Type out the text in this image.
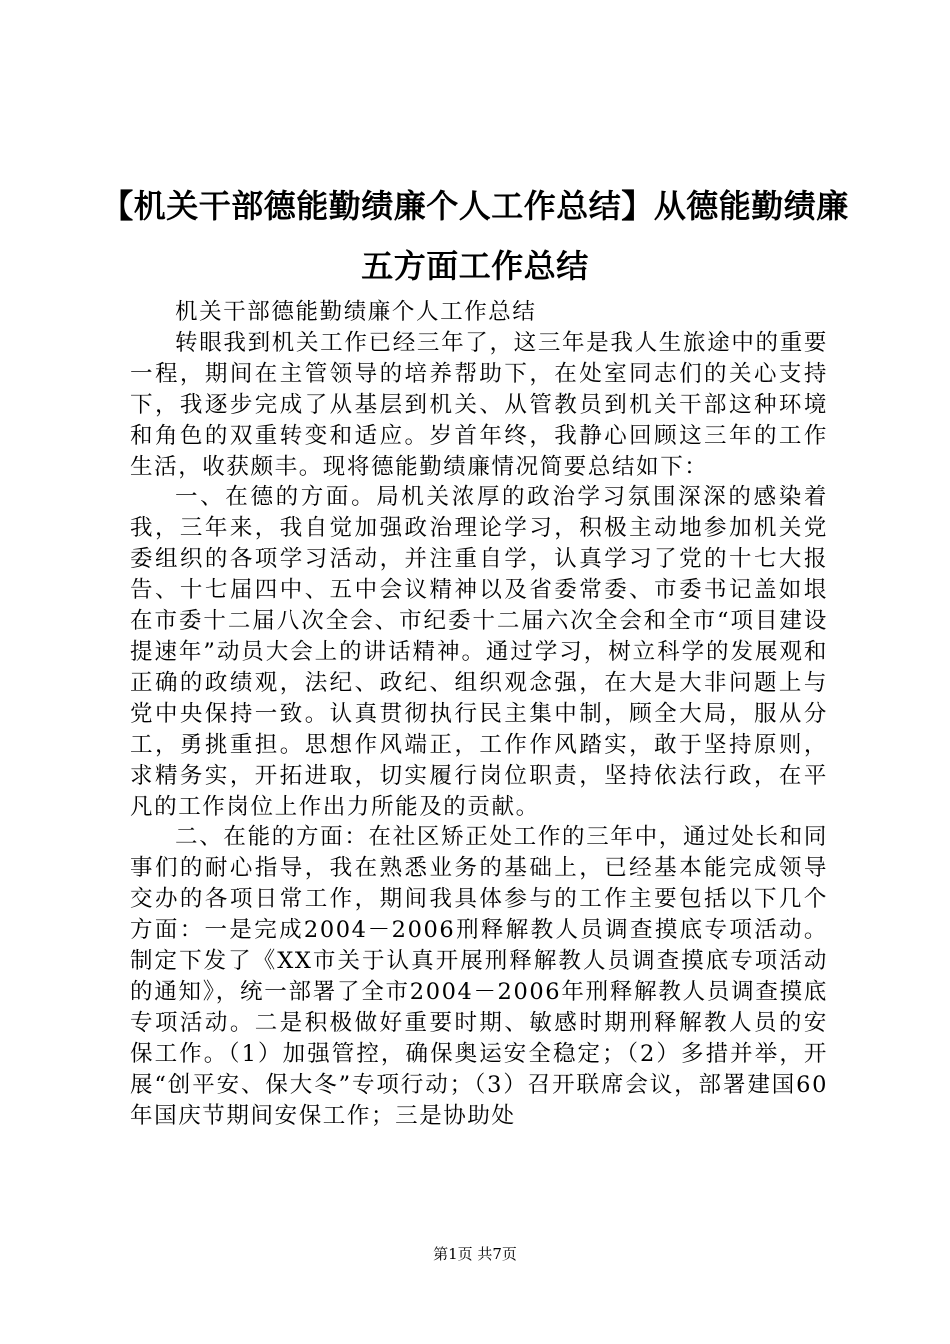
【机关干部德能勤绩廉个人工作总结】从德能勤绩廉五方面工作总结

机关干部德能勤绩廉个人工作总结

转眼我到机关工作已经三年了，这三年是我人生旅途中的重要一程，期间在主管领导的培养帮助下，在处室同志们的关心支持下，我逐步完成了从基层到机关、从管教员到机关干部这种环境和角色的双重转变和适应。岁首年终，我静心回顾这三年的工作生活，收获颇丰。现将德能勤绩廉情况简要总结如下：

一、在德的方面。局机关浓厚的政治学习氛围深深的感染着我，三年来，我自觉加强政治理论学习，积极主动地参加机关党委组织的各项学习活动，并注重自学，认真学习了党的十七大报告、十七届四中、五中会议精神以及省委常委、市委书记盖如垠在市委十二届八次全会、市纪委十二届六次全会和全市“项目建设提速年”动员大会上的讲话精神。通过学习，树立科学的发展观和正确的政绩观，法纪、政纪、组织观念强，在大是大非问题上与党中央保持一致。认真贯彻执行民主集中制，顾全大局，服从分工，勇挑重担。思想作风端正，工作作风踏实，敢于坚持原则，求精务实，开拓进取，切实履行岗位职责，坚持依法行政，在平凡的工作岗位上作出力所能及的贡献。

二、在能的方面：在社区矫正处工作的三年中，通过处长和同事们的耐心指导，我在熟悉业务的基础上，已经基本能完成领导交办的各项日常工作，期间我具体参与的工作主要包括以下几个方面：一是完成2004－2006刑释解教人员调查摸底专项活动。制定下发了《XX市关于认真开展刑释解教人员调查摸底专项活动的通知》，统一部署了全市2004－2006年刑释解教人员调查摸底专项活动。二是积极做好重要时期、敏感时期刑释解教人员的安保工作。（1）加强管控，确保奥运安全稳定；（2）多措并举，开展“创平安、保大冬”专项行动；（3）召开联席会议，部署建国60年国庆节期间安保工作；三是协助处

第1页 共7页
